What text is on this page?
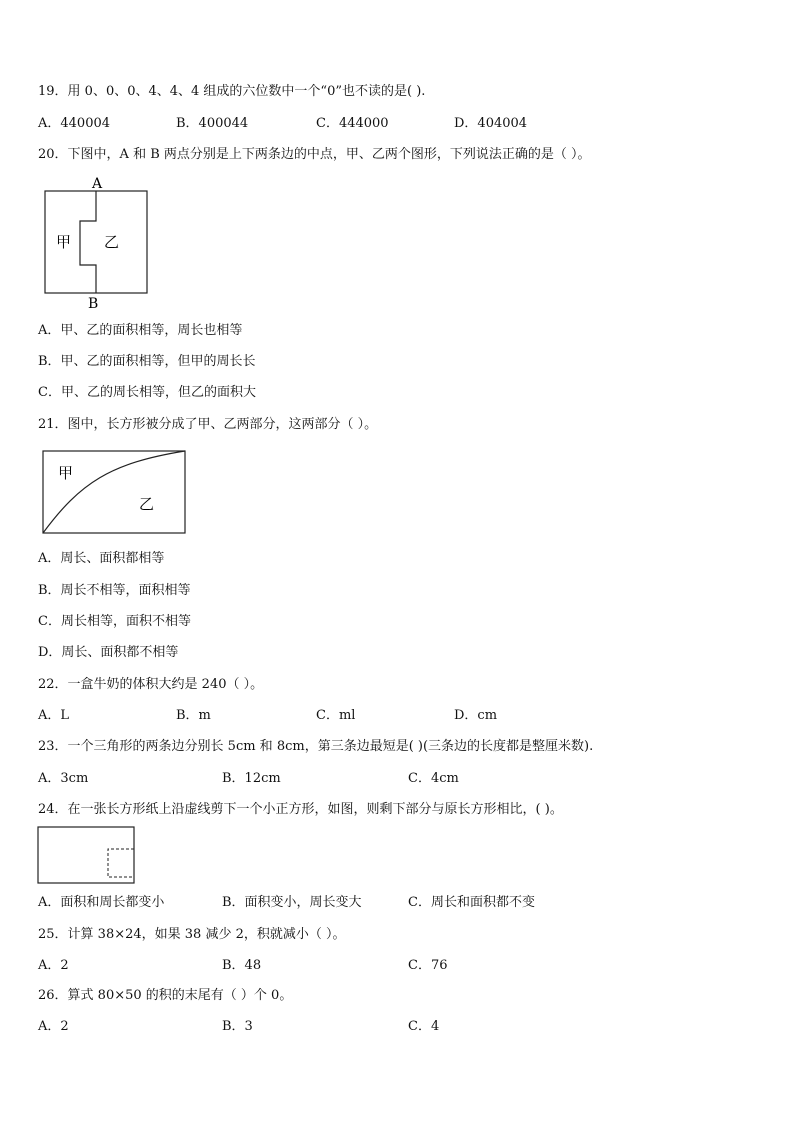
19．用 0、0、0、4、4、4 组成的六位数中一个“0”也不读的是( ).
A．440004	B．400044	C．444000	D．404004
20．下图中，A 和 B 两点分别是上下两条边的中点，甲、乙两个图形，下列说法正确的是（ ）。
A
B
甲 乙
A．甲、乙的面积相等，周长也相等
B．甲、乙的面积相等，但甲的周长长
C．甲、乙的周长相等，但乙的面积大
21．图中，长方形被分成了甲、乙两部分，这两部分（ ）。
甲
乙
A．周长、面积都相等
B．周长不相等，面积相等
C．周长相等，面积不相等
D．周长、面积都不相等
22．一盒牛奶的体积大约是 240（ ）。
A．L	B．m	C．ml	D．cm
23．一个三角形的两条边分别长 5cm 和 8cm，第三条边最短是( )(三条边的长度都是整厘米数).
A．3cm	B．12cm	C．4cm
24．在一张长方形纸上沿虚线剪下一个小正方形，如图，则剩下部分与原长方形相比，( )。
A．面积和周长都变小	B．面积变小，周长变大	C．周长和面积都不变
25．计算 38×24，如果 38 减少 2，积就减小（ ）。
A．2	B．48	C．76
26．算式 80×50 的积的末尾有（ ）个 0。
A．2	B．3	C．4
